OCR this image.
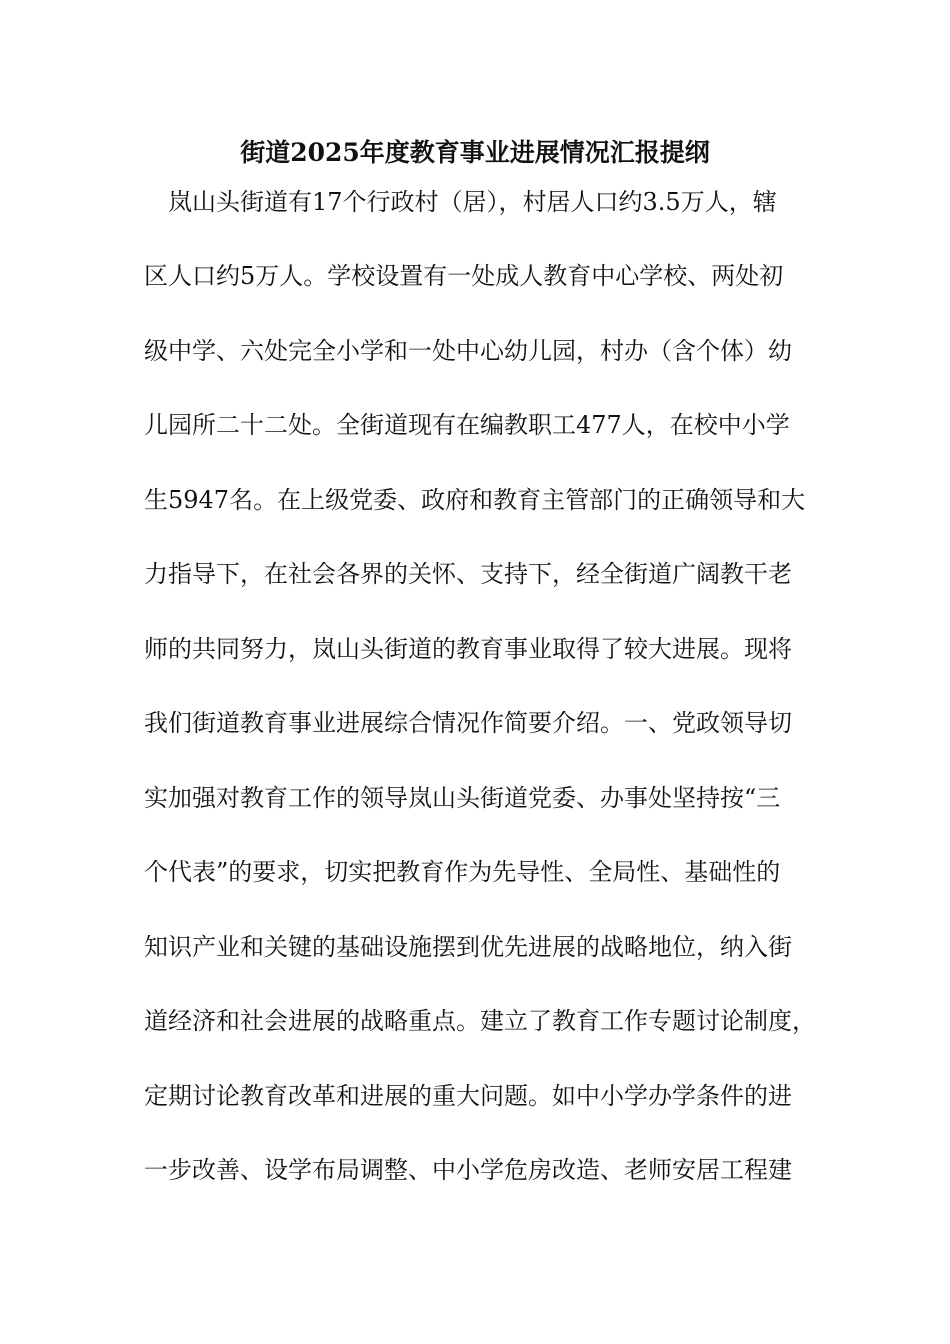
街道2025年度教育事业进展情况汇报提纲
岚山头街道有17个行政村（居），村居人口约3.5万人，辖
区人口约5万人。学校设置有一处成人教育中心学校、两处初
级中学、六处完全小学和一处中心幼儿园，村办（含个体）幼
儿园所二十二处。全街道现有在编教职工477人，在校中小学
生5947名。在上级党委、政府和教育主管部门的正确领导和大
力指导下，在社会各界的关怀、支持下，经全街道广阔教干老
师的共同努力，岚山头街道的教育事业取得了较大进展。现将
我们街道教育事业进展综合情况作简要介绍。一、党政领导切
实加强对教育工作的领导岚山头街道党委、办事处坚持按“三
个代表”的要求，切实把教育作为先导性、全局性、基础性的
知识产业和关键的基础设施摆到优先进展的战略地位，纳入街
道经济和社会进展的战略重点。建立了教育工作专题讨论制度，
定期讨论教育改革和进展的重大问题。如中小学办学条件的进
一步改善、设学布局调整、中小学危房改造、老师安居工程建
